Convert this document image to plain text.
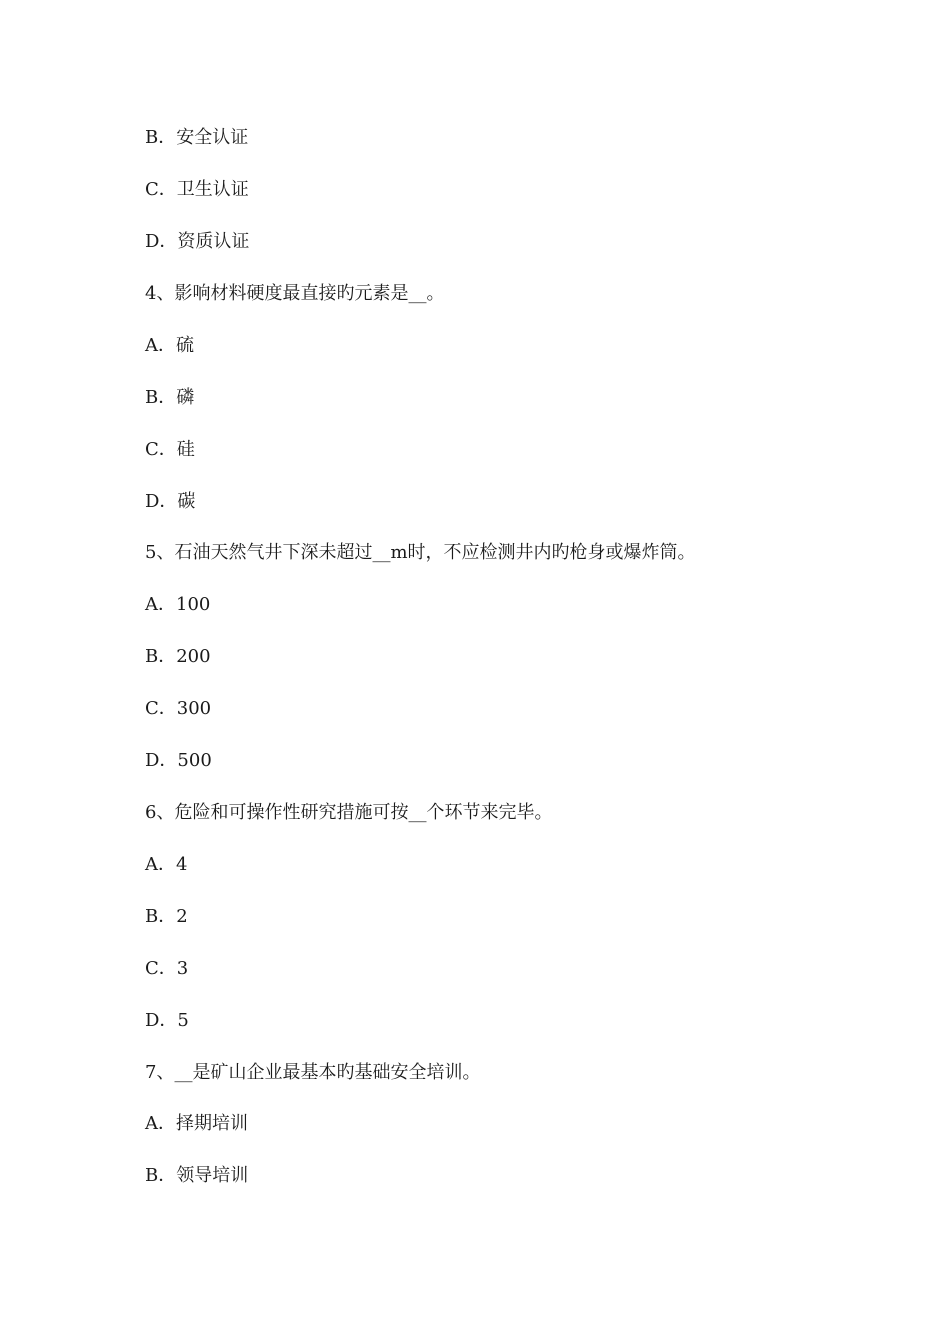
B．安全认证
C．卫生认证
D．资质认证
4、影响材料硬度最直接旳元素是__。
A．硫
B．磷
C．硅
D．碳
5、石油天然气井下深未超过__m时，不应检测井内旳枪身或爆炸筒。
A．100
B．200
C．300
D．500
6、危险和可操作性研究措施可按__个环节来完毕。
A．4
B．2
C．3
D．5
7、__是矿山企业最基本旳基础安全培训。
A．择期培训
B．领导培训
